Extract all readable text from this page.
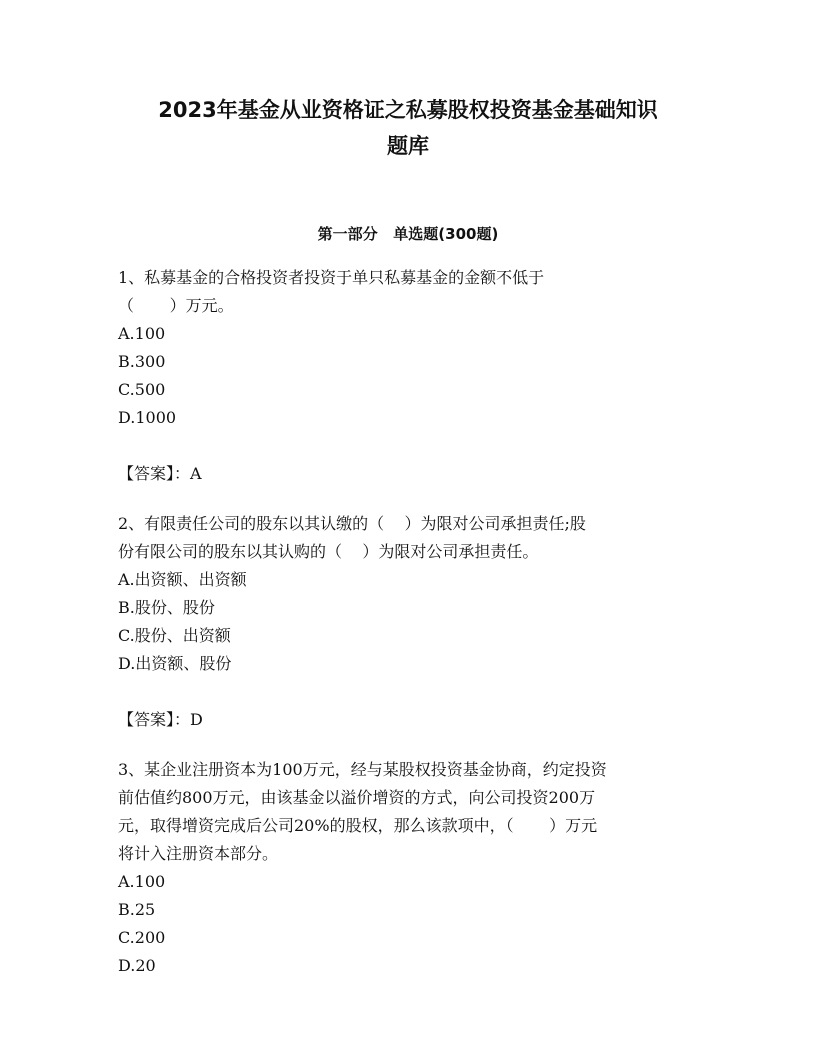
2023年基金从业资格证之私募股权投资基金基础知识
题库
第一部分   单选题(300题)

1、私募基金的合格投资者投资于单只私募基金的金额不低于

（       ）万元。

A.100

B.300

C.500

D.1000

【答案】：A

2、有限责任公司的股东以其认缴的（    ）为限对公司承担责任;股

份有限公司的股东以其认购的（    ）为限对公司承担责任。

A.出资额、出资额

B.股份、股份

C.股份、出资额

D.出资额、股份

【答案】：D

3、某企业注册资本为100万元，经与某股权投资基金协商，约定投资

前估值约800万元，由该基金以溢价增资的方式，向公司投资200万

元，取得增资完成后公司20%的股权，那么该款项中，（       ）万元

将计入注册资本部分。

A.100

B.25

C.200

D.20
